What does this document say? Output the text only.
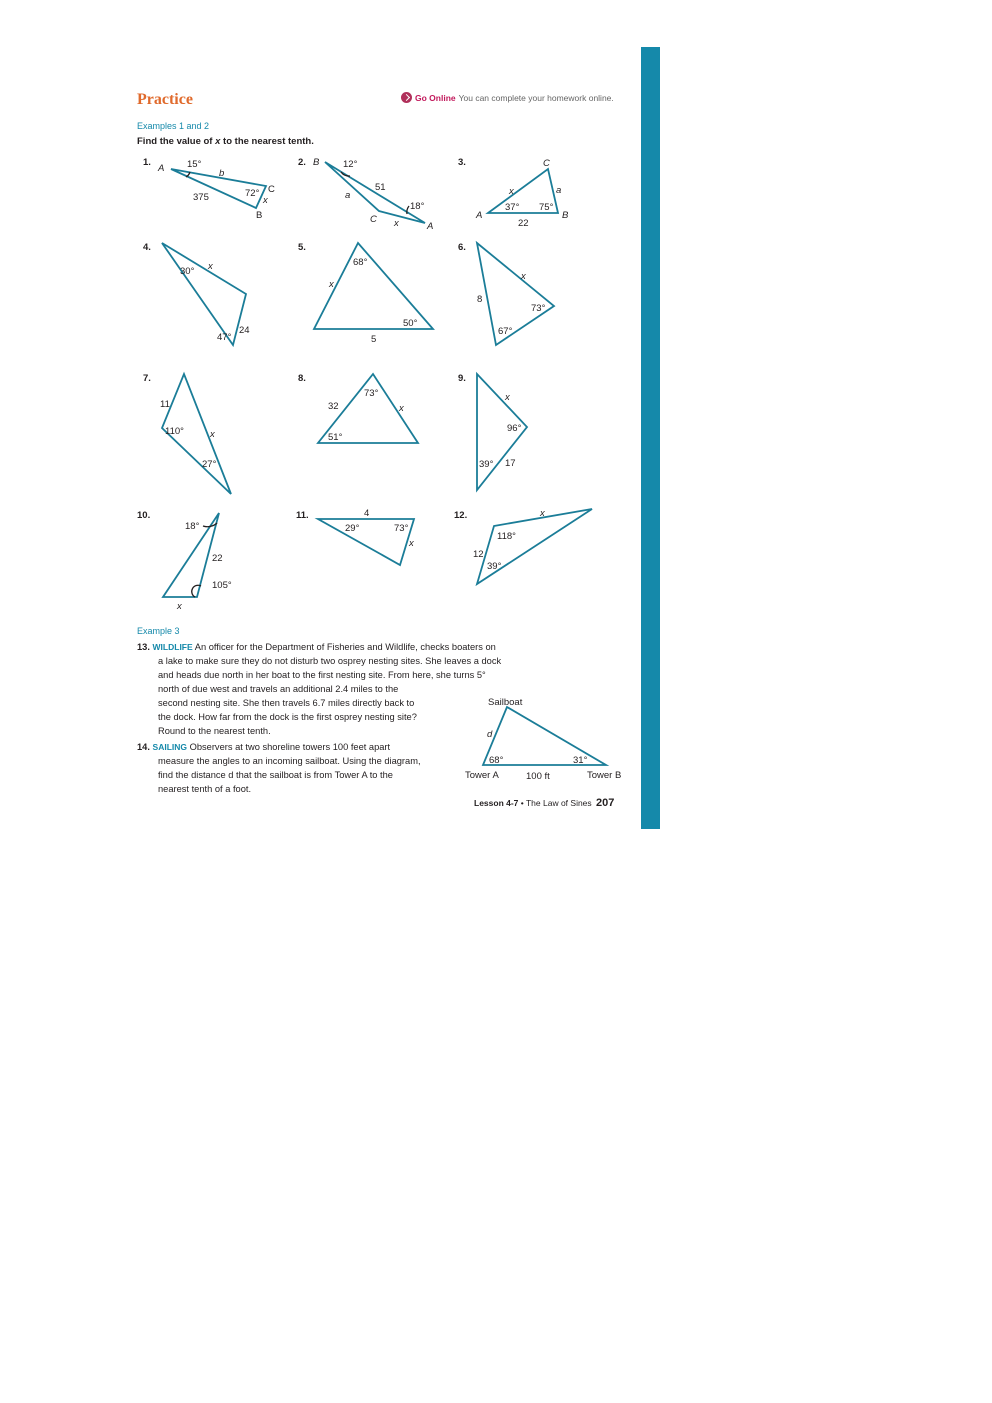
Practice	Go Online You can complete your homework online.
Examples 1 and 2
Find the value of x to the nearest tenth.
1.
A 15°
b
375	72° C
x
B
2. B 12°
51
a
18°
C x	A
3.	C
x	a
37° 75°
A	B
22
4.
30° x
47°
24
5.
68°
x
50°
5
6.
x
8
73°
67°
7.
11
110°	x
27°
8.
73°
32	x
51°
9.
x
96°
39° 17
10.
18°
22
105°
x
11.	4
29°	73°
x
12.	x
118°
12
39°
Sailboat
d
68°	31°
Tower A	100 ft	Tower B
Example 3
13. WILDLIFE An officer for the Department of Fisheries and Wildlife, checks boaters on
a lake to make sure they do not disturb two osprey nesting sites. She leaves a dock
and heads due north in her boat to the first nesting site. From here, she turns 5°
north of due west and travels an additional 2.4 miles to the
second nesting site. She then travels 6.7 miles directly back to
the dock. How far from the dock is the first osprey nesting site?
Round to the nearest tenth.
14. SAILING Observers at two shoreline towers 100 feet apart
measure the angles to an incoming sailboat. Using the diagram,
find the distance d that the sailboat is from Tower A to the
nearest tenth of a foot.
Lesson 4-7 • The Law of Sines 207
